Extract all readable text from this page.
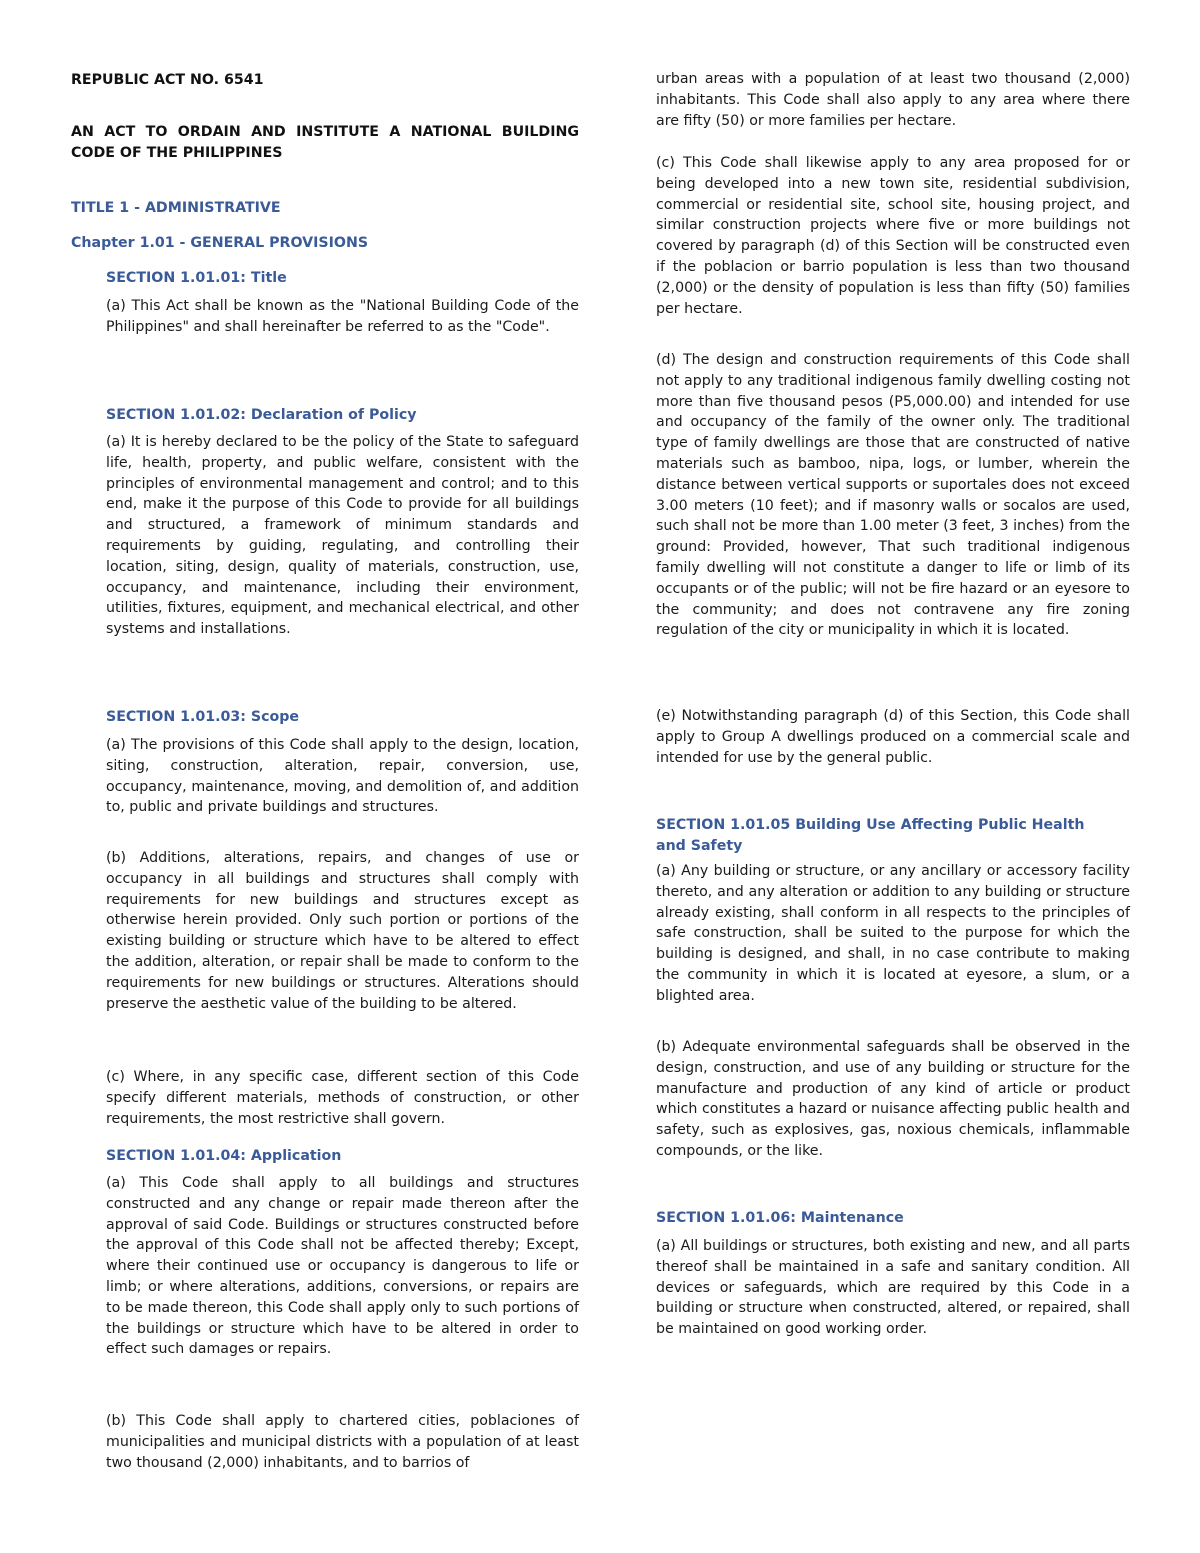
REPUBLIC ACT NO. 6541

AN ACT TO ORDAIN AND INSTITUTE A NATIONAL BUILDING CODE OF THE PHILIPPINES

TITLE 1 - ADMINISTRATIVE

Chapter 1.01 - GENERAL PROVISIONS

SECTION 1.01.01: Title

(a) This Act shall be known as the "National Building Code of the Philippines" and shall hereinafter be referred to as the "Code".

SECTION 1.01.02: Declaration of Policy

(a) It is hereby declared to be the policy of the State to safeguard life, health, property, and public welfare, consistent with the principles of environmental management and control; and to this end, make it the purpose of this Code to provide for all buildings and structured, a framework of minimum standards and requirements by guiding, regulating, and controlling their location, siting, design, quality of materials, construction, use, occupancy, and maintenance, including their environment, utilities, fixtures, equipment, and mechanical electrical, and other systems and installations.

SECTION 1.01.03: Scope

(a) The provisions of this Code shall apply to the design, location, siting, construction, alteration, repair, conversion, use, occupancy, maintenance, moving, and demolition of, and addition to, public and private buildings and structures.

(b) Additions, alterations, repairs, and changes of use or occupancy in all buildings and structures shall comply with requirements for new buildings and structures except as otherwise herein provided. Only such portion or portions of the existing building or structure which have to be altered to effect the addition, alteration, or repair shall be made to conform to the requirements for new buildings or structures. Alterations should preserve the aesthetic value of the building to be altered.

(c) Where, in any specific case, different section of this Code specify different materials, methods of construction, or other requirements, the most restrictive shall govern.

SECTION 1.01.04: Application

(a) This Code shall apply to all buildings and structures constructed and any change or repair made thereon after the approval of said Code. Buildings or structures constructed before the approval of this Code shall not be affected thereby; Except, where their continued use or occupancy is dangerous to life or limb; or where alterations, additions, conversions, or repairs are to be made thereon, this Code shall apply only to such portions of the buildings or structure which have to be altered in order to effect such damages or repairs.

(b) This Code shall apply to chartered cities, poblaciones of municipalities and municipal districts with a population of at least two thousand (2,000) inhabitants, and to barrios of

urban areas with a population of at least two thousand (2,000) inhabitants. This Code shall also apply to any area where there are fifty (50) or more families per hectare.

(c) This Code shall likewise apply to any area proposed for or being developed into a new town site, residential subdivision, commercial or residential site, school site, housing project, and similar construction projects where five or more buildings not covered by paragraph (d) of this Section will be constructed even if the poblacion or barrio population is less than two thousand (2,000) or the density of population is less than fifty (50) families per hectare.

(d) The design and construction requirements of this Code shall not apply to any traditional indigenous family dwelling costing not more than five thousand pesos (P5,000.00) and intended for use and occupancy of the family of the owner only. The traditional type of family dwellings are those that are constructed of native materials such as bamboo, nipa, logs, or lumber, wherein the distance between vertical supports or suportales does not exceed 3.00 meters (10 feet); and if masonry walls or socalos are used, such shall not be more than 1.00 meter (3 feet, 3 inches) from the ground: Provided, however, That such traditional indigenous family dwelling will not constitute a danger to life or limb of its occupants or of the public; will not be fire hazard or an eyesore to the community; and does not contravene any fire zoning regulation of the city or municipality in which it is located.

(e) Notwithstanding paragraph (d) of this Section, this Code shall apply to Group A dwellings produced on a commercial scale and intended for use by the general public.

SECTION 1.01.05 Building Use Affecting Public Health and Safety

(a) Any building or structure, or any ancillary or accessory facility thereto, and any alteration or addition to any building or structure already existing, shall conform in all respects to the principles of safe construction, shall be suited to the purpose for which the building is designed, and shall, in no case contribute to making the community in which it is located at eyesore, a slum, or a blighted area.

(b) Adequate environmental safeguards shall be observed in the design, construction, and use of any building or structure for the manufacture and production of any kind of article or product which constitutes a hazard or nuisance affecting public health and safety, such as explosives, gas, noxious chemicals, inflammable compounds, or the like.

SECTION 1.01.06: Maintenance

(a) All buildings or structures, both existing and new, and all parts thereof shall be maintained in a safe and sanitary condition. All devices or safeguards, which are required by this Code in a building or structure when constructed, altered, or repaired, shall be maintained on good working order.
